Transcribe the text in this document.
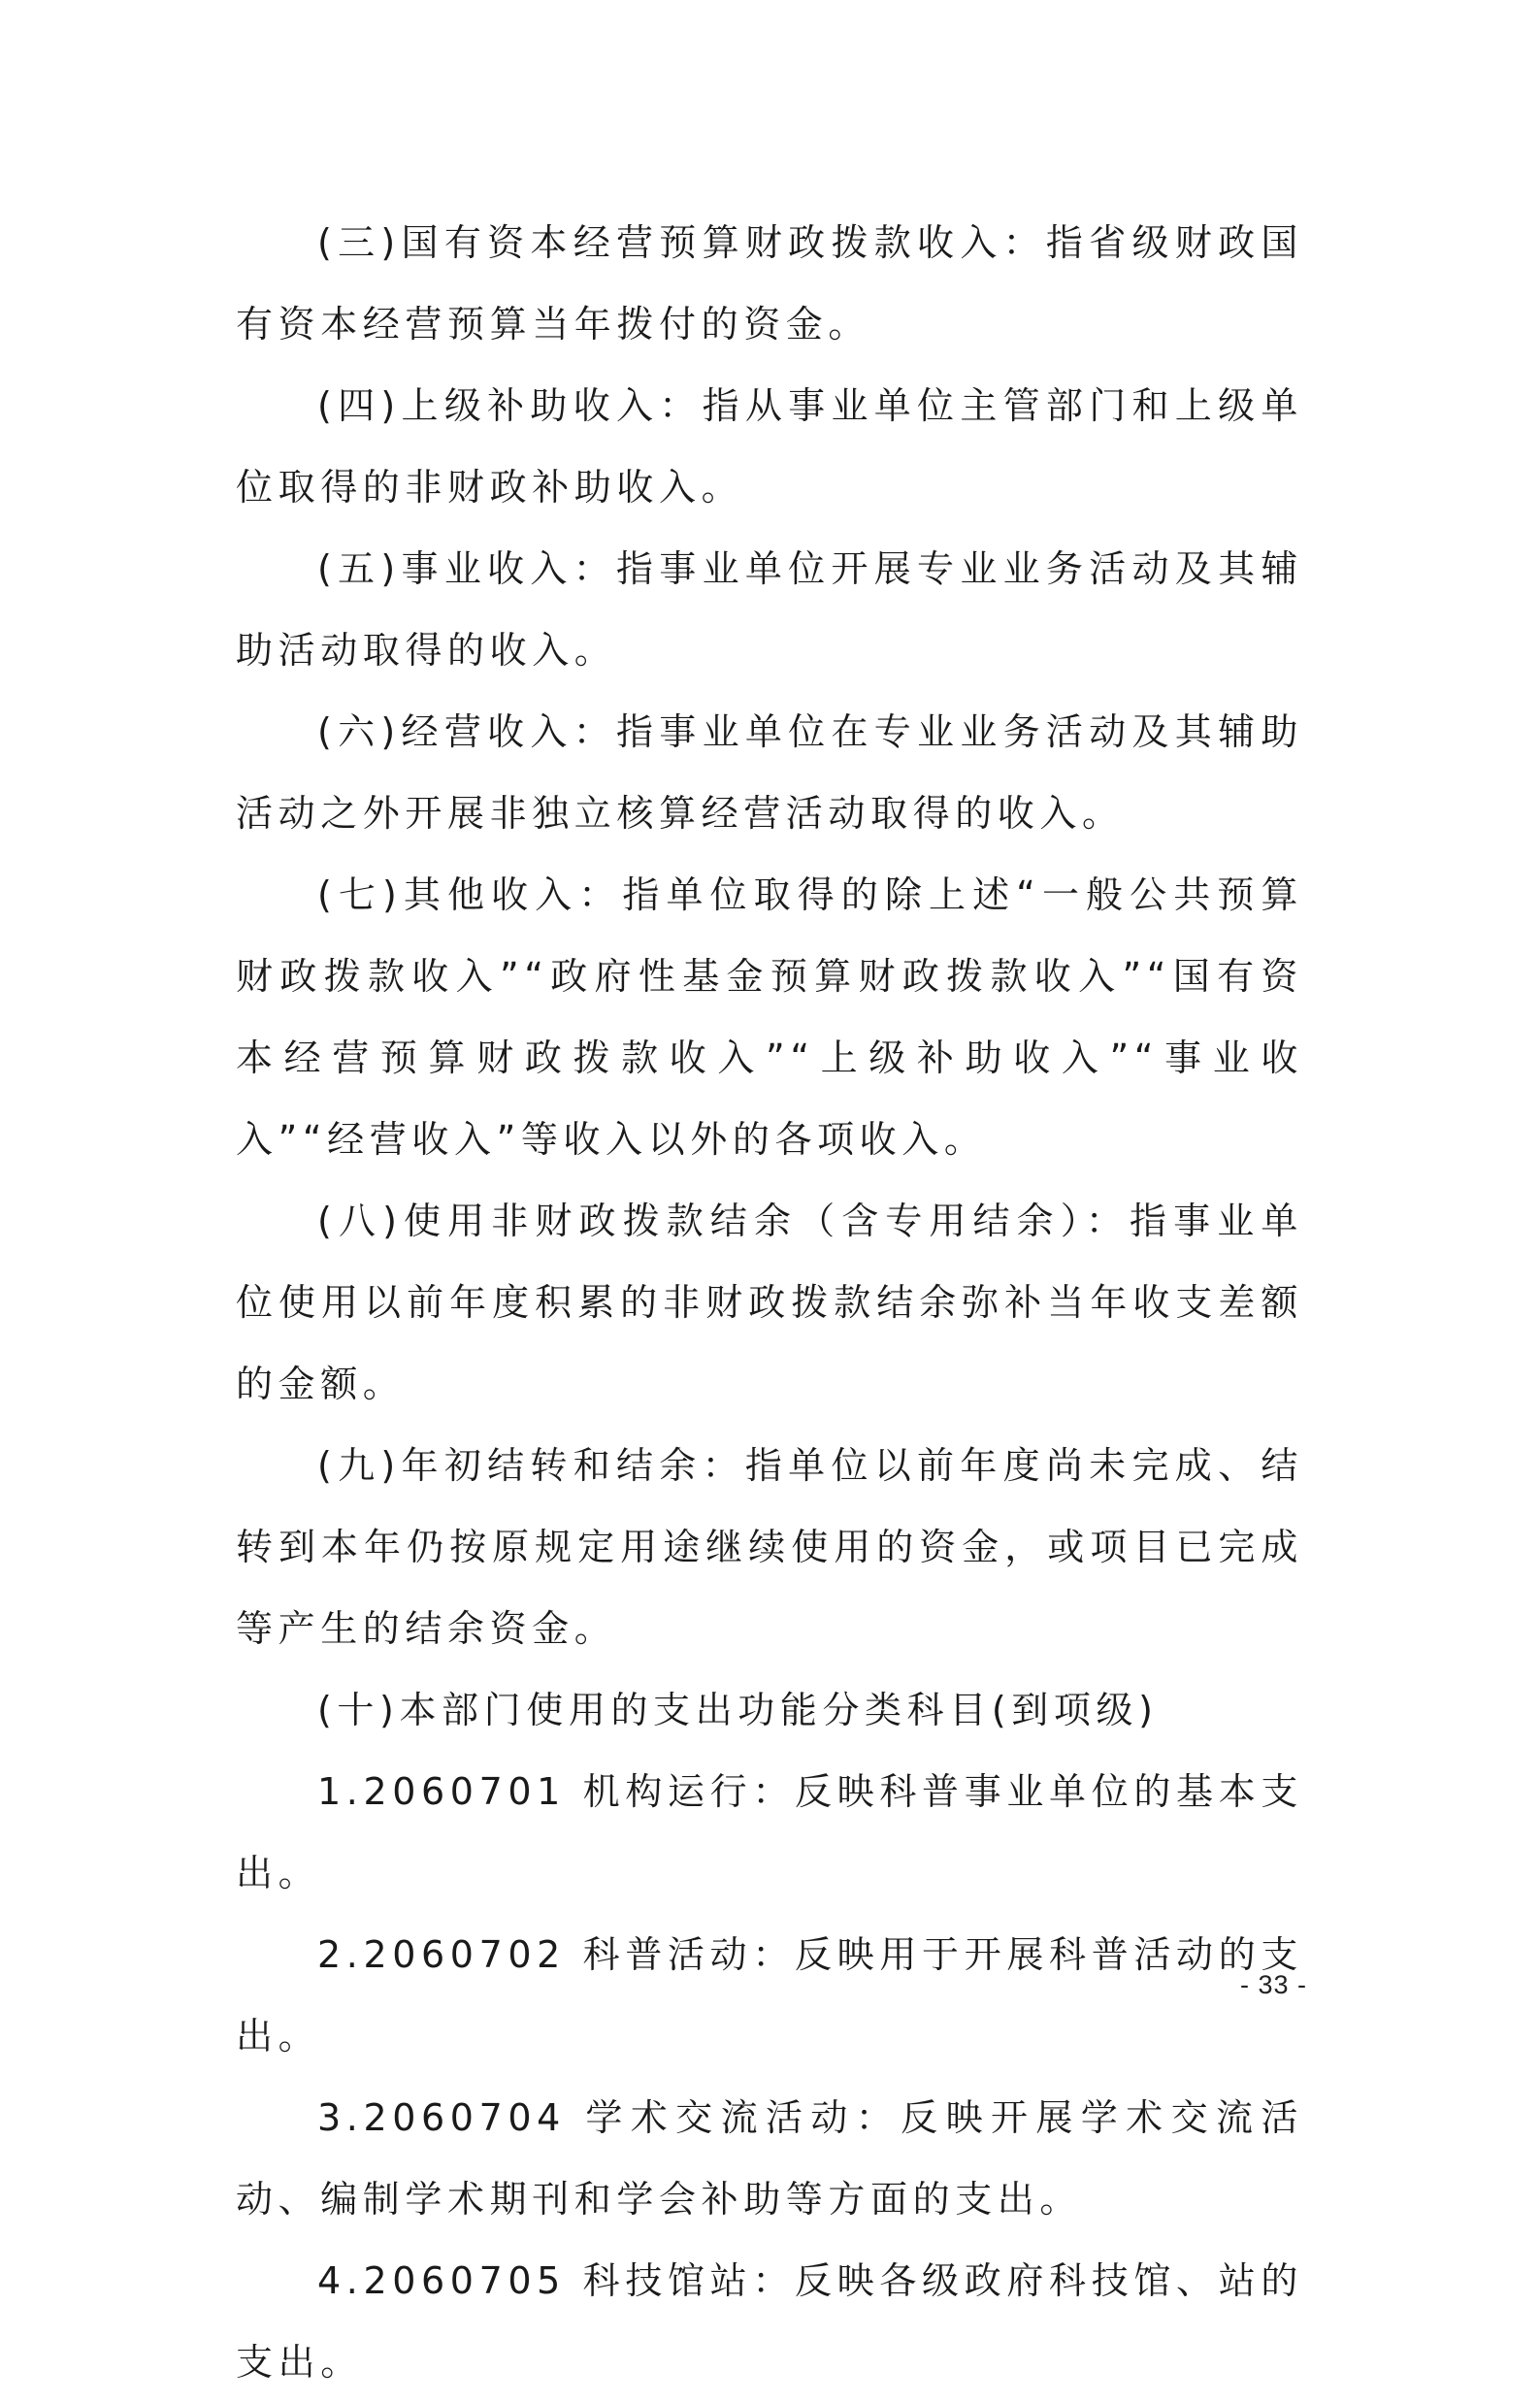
(三)国有资本经营预算财政拨款收入：指省级财政国有资本经营预算当年拨付的资金。

(四)上级补助收入：指从事业单位主管部门和上级单位取得的非财政补助收入。

(五)事业收入：指事业单位开展专业业务活动及其辅助活动取得的收入。

(六)经营收入：指事业单位在专业业务活动及其辅助活动之外开展非独立核算经营活动取得的收入。

(七)其他收入：指单位取得的除上述“一般公共预算财政拨款收入”“政府性基金预算财政拨款收入”“国有资本经营预算财政拨款收入”“上级补助收入”“事业收入”“经营收入”等收入以外的各项收入。

(八)使用非财政拨款结余（含专用结余）：指事业单位使用以前年度积累的非财政拨款结余弥补当年收支差额的金额。

(九)年初结转和结余：指单位以前年度尚未完成、结转到本年仍按原规定用途继续使用的资金，或项目已完成等产生的结余资金。

(十)本部门使用的支出功能分类科目(到项级)

1.2060701 机构运行：反映科普事业单位的基本支出。

2.2060702 科普活动：反映用于开展科普活动的支出。

3.2060704 学术交流活动：反映开展学术交流活动、编制学术期刊和学会补助等方面的支出。

4.2060705 科技馆站：反映各级政府科技馆、站的支出。

- 33 -
